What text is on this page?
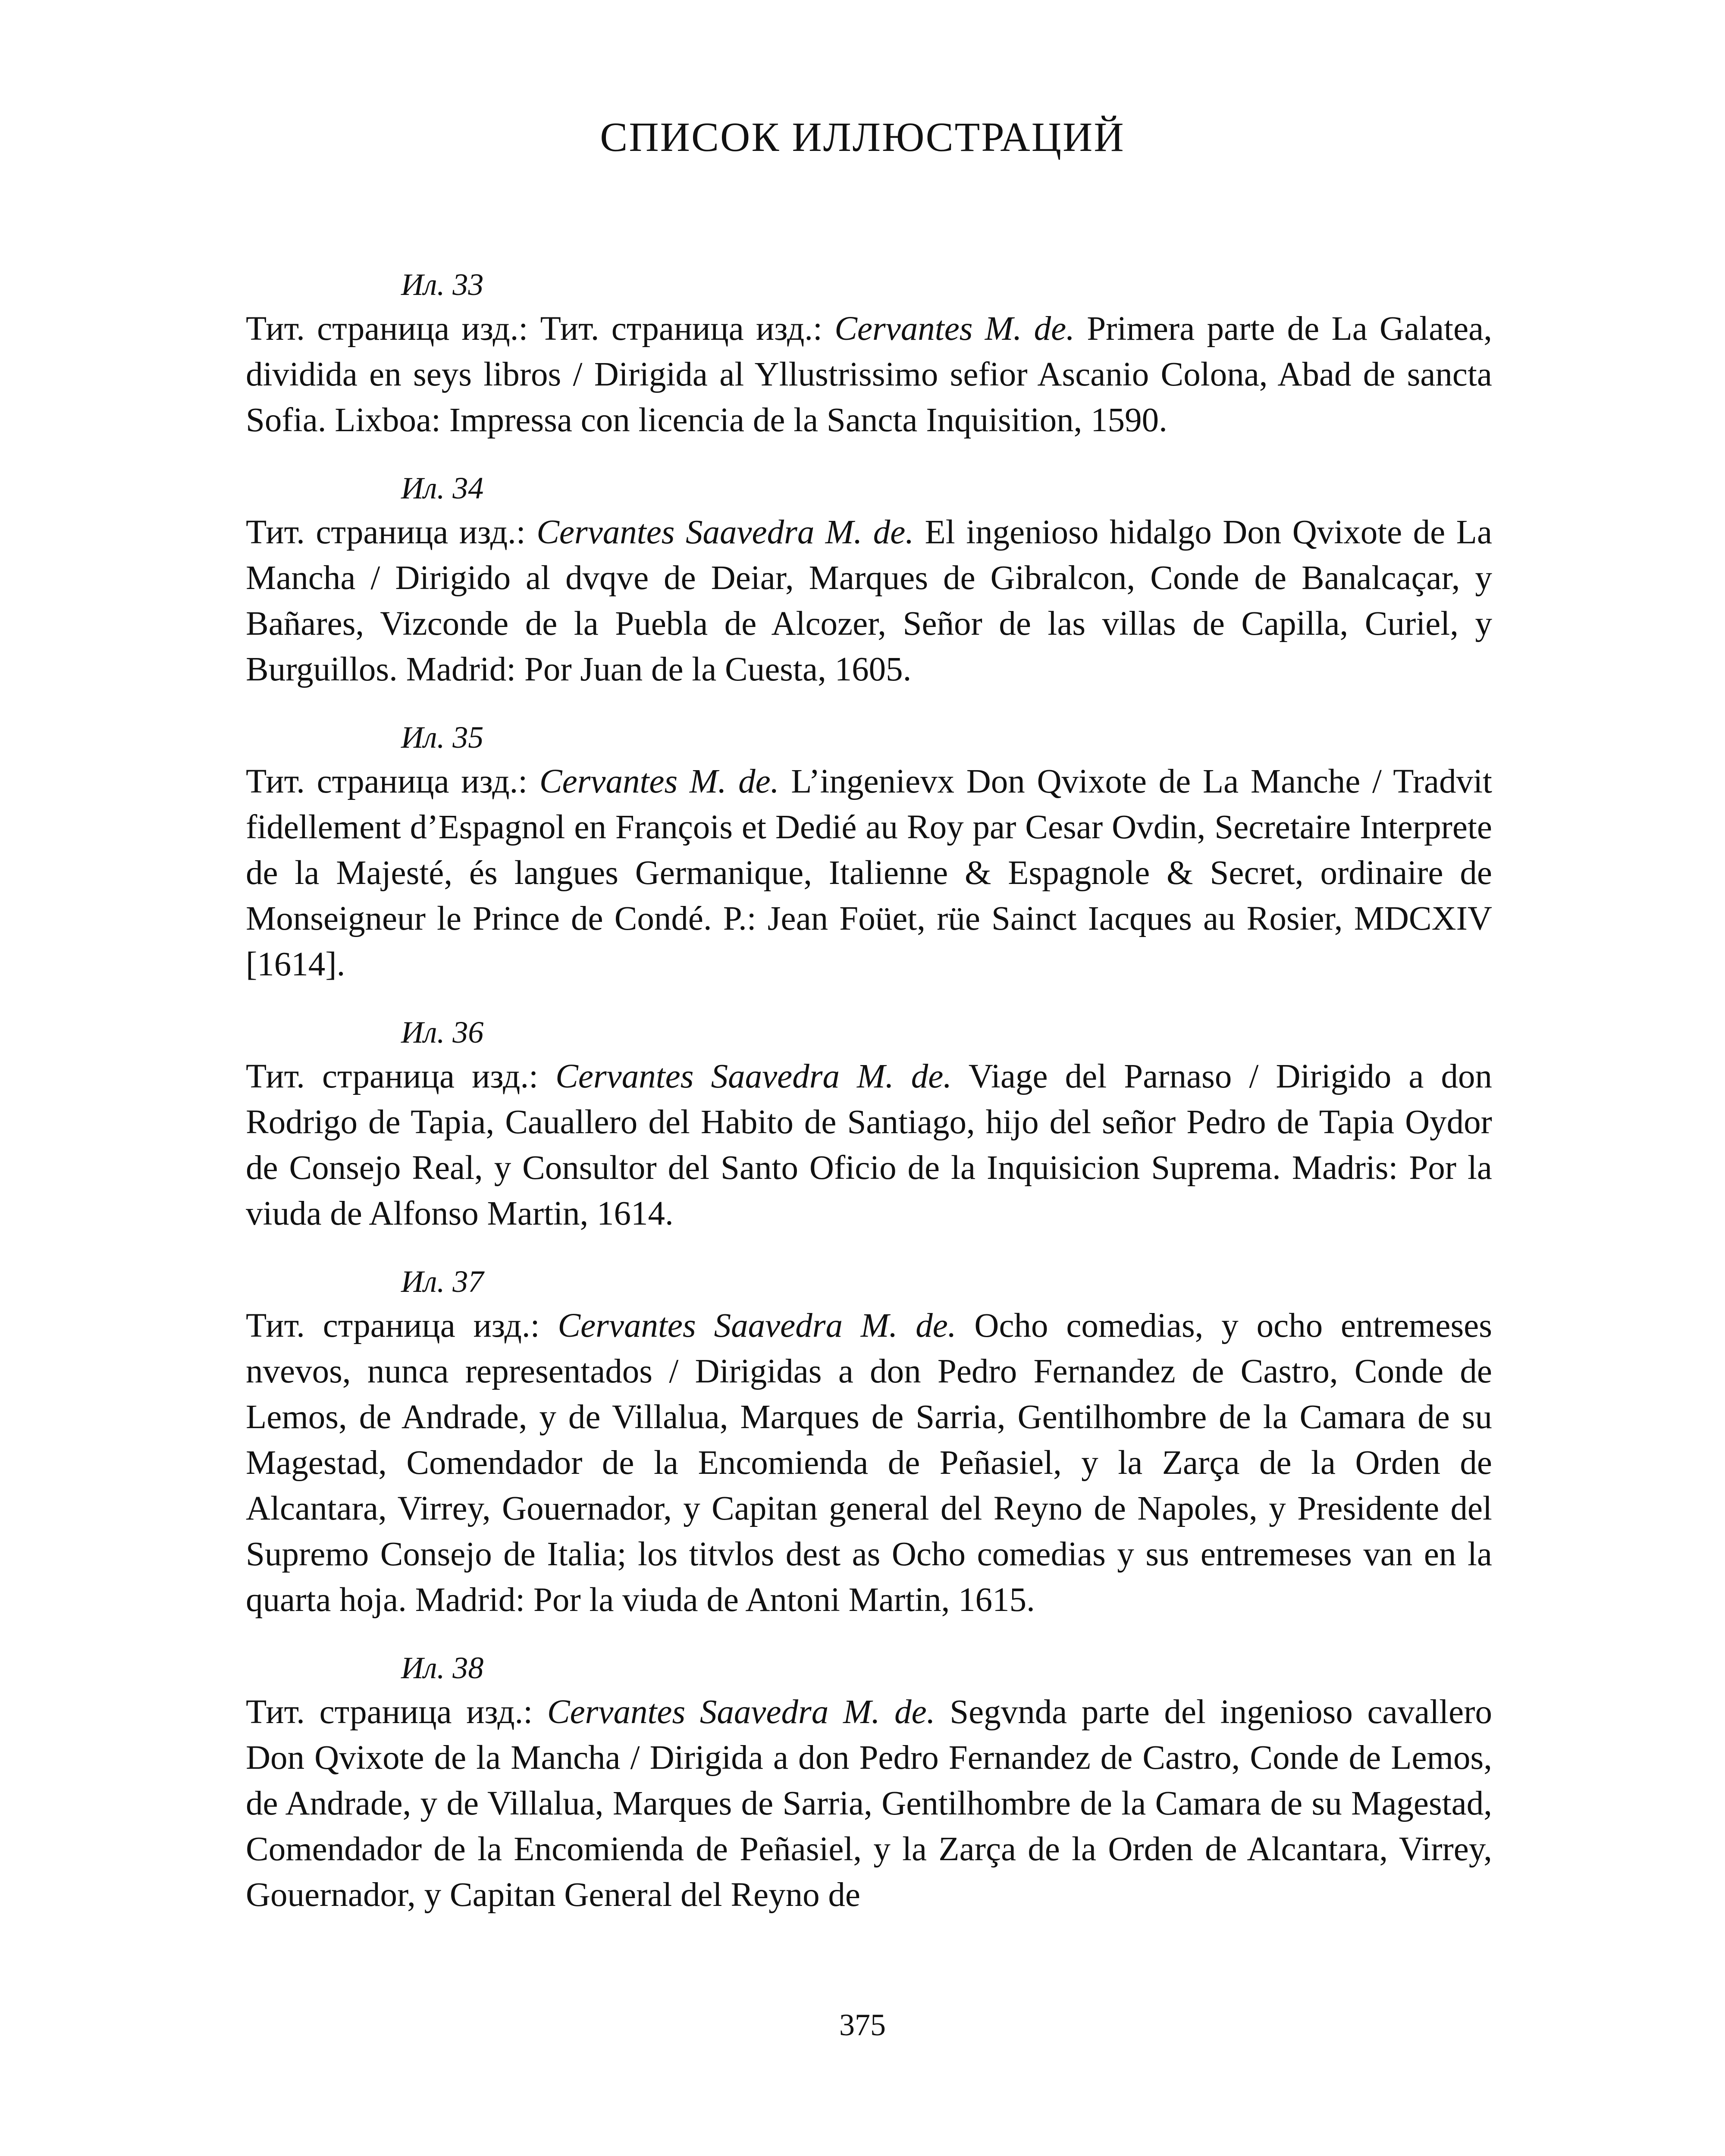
СПИСОК ИЛЛЮСТРАЦИЙ
Ил. 33
Тит. страница изд.: Тит. страница изд.: Cervantes M. de. Primera parte de La Galatea, dividida en seys libros / Dirigida al Yllustrissimo sefior Ascanio Colona, Abad de sancta Sofia. Lixboa: Impressa con licencia de la Sancta Inquisition, 1590.
Ил. 34
Тит. страница изд.: Cervantes Saavedra M. de. El ingenioso hidalgo Don Qvixote de La Mancha / Dirigido al dvqve de Deiar, Marques de Gibralcon, Conde de Banalcaçar, y Bañares, Vizconde de la Puebla de Alcozer, Señor de las villas de Capilla, Curiel, y Burguillos. Madrid: Por Juan de la Cuesta, 1605.
Ил. 35
Тит. страница изд.: Cervantes M. de. L’ingenievx Don Qvixote de La Manche / Tradvit fidellement d’Espagnol en François et Dedié au Roy par Cesar Ovdin, Secretaire Interprete de la Majesté, és langues Germanique, Italienne & Espagnole & Secret, ordinaire de Monseigneur le Prince de Condé. P.: Jean Foüet, rüe Sainct Iacques au Rosier, MDCXIV [1614].
Ил. 36
Тит. страница изд.: Cervantes Saavedra M. de. Viage del Parnaso / Dirigido a don Rodrigo de Tapia, Cauallero del Habito de Santiago, hijo del señor Pedro de Tapia Oydor de Consejo Real, y Consultor del Santo Oficio de la Inquisicion Suprema. Madris: Por la viuda de Alfonso Martin, 1614.
Ил. 37
Тит. страница изд.: Cervantes Saavedra M. de. Ocho comedias, y ocho entremeses nvevos, nunca representados / Dirigidas a don Pedro Fernandez de Castro, Conde de Lemos, de Andrade, y de Villalua, Marques de Sarria, Gentilhombre de la Camara de su Magestad, Comendador de la Encomienda de Peñasiel, y la Zarça de la Orden de Alcantara, Virrey, Gouernador, y Capitan general del Reyno de Napoles, y Presidente del Supremo Consejo de Italia; los titvlos dest as Ocho comedias y sus entremeses van en la quarta hoja. Madrid: Por la viuda de Antoni Martin, 1615.
Ил. 38
Тит. страница изд.: Cervantes Saavedra M. de. Segvnda parte del ingenioso cavallero Don Qvixote de la Mancha / Dirigida a don Pedro Fernandez de Castro, Conde de Lemos, de Andrade, y de Villalua, Marques de Sarria, Gentilhombre de la Camara de su Magestad, Comendador de la Encomienda de Peñasiel, y la Zarça de la Orden de Alcantara, Virrey, Gouernador, y Capitan General del Reyno de
375
